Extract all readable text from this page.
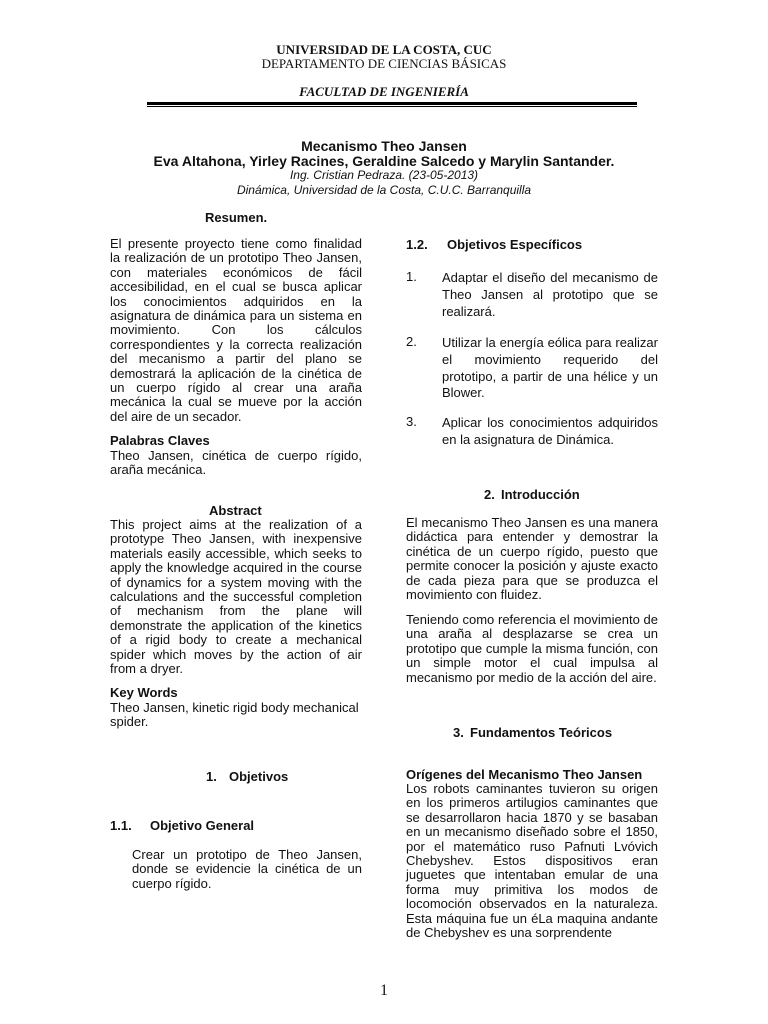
UNIVERSIDAD DE LA COSTA, CUC
DEPARTAMENTO DE CIENCIAS BÁSICAS
FACULTAD DE INGENIERÍA
Mecanismo Theo Jansen
Eva Altahona, Yirley Racines, Geraldine Salcedo y Marylin Santander.
Ing. Cristian Pedraza. (23-05-2013)
Dinámica, Universidad de la Costa, C.U.C. Barranquilla
Resumen.
El presente proyecto tiene como finalidad la realización de un prototipo Theo Jansen, con materiales económicos de fácil accesibilidad, en el cual se busca aplicar los conocimientos adquiridos en la asignatura de dinámica para un sistema en movimiento. Con los cálculos correspondientes y la correcta realización del mecanismo a partir del plano se demostrará la aplicación de la cinética de un cuerpo rígido al crear una araña mecánica la cual se mueve por la acción del aire de un secador.
Palabras Claves
Theo Jansen, cinética de cuerpo rígido, araña mecánica.
Abstract
This project aims at the realization of a prototype Theo Jansen, with inexpensive materials easily accessible, which seeks to apply the knowledge acquired in the course of dynamics for a system moving with the calculations and the successful completion of mechanism from the plane will demonstrate the application of the kinetics of a rigid body to create a mechanical spider which moves by the action of air from a dryer.
Key Words
Theo Jansen, kinetic rigid body mechanical spider.
1. Objetivos
1.1. Objetivo General
Crear un prototipo de Theo Jansen, donde se evidencie la cinética de un cuerpo rígido.
1.2. Objetivos Específicos
1. Adaptar el diseño del mecanismo de Theo Jansen al prototipo que se realizará.
2. Utilizar la energía eólica para realizar el movimiento requerido del prototipo, a partir de una hélice y un Blower.
3. Aplicar los conocimientos adquiridos en la asignatura de Dinámica.
2. Introducción
El mecanismo Theo Jansen es una manera didáctica para entender y demostrar la cinética de un cuerpo rígido, puesto que permite conocer la posición y ajuste exacto de cada pieza para que se produzca el movimiento con fluidez.
Teniendo como referencia el movimiento de una araña al desplazarse se crea un prototipo que cumple la misma función, con un simple motor el cual impulsa al mecanismo por medio de la acción del aire.
3. Fundamentos Teóricos
Orígenes del Mecanismo Theo Jansen
Los robots caminantes tuvieron su origen en los primeros artilugios caminantes que se desarrollaron hacia 1870 y se basaban en un mecanismo diseñado sobre el 1850, por el matemático ruso Pafnuti Lvóvich Chebyshev. Estos dispositivos eran juguetes que intentaban emular de una forma muy primitiva los modos de locomoción observados en la naturaleza. Esta máquina fue un éLa maquina andante de Chebyshev es una sorprendente
1
